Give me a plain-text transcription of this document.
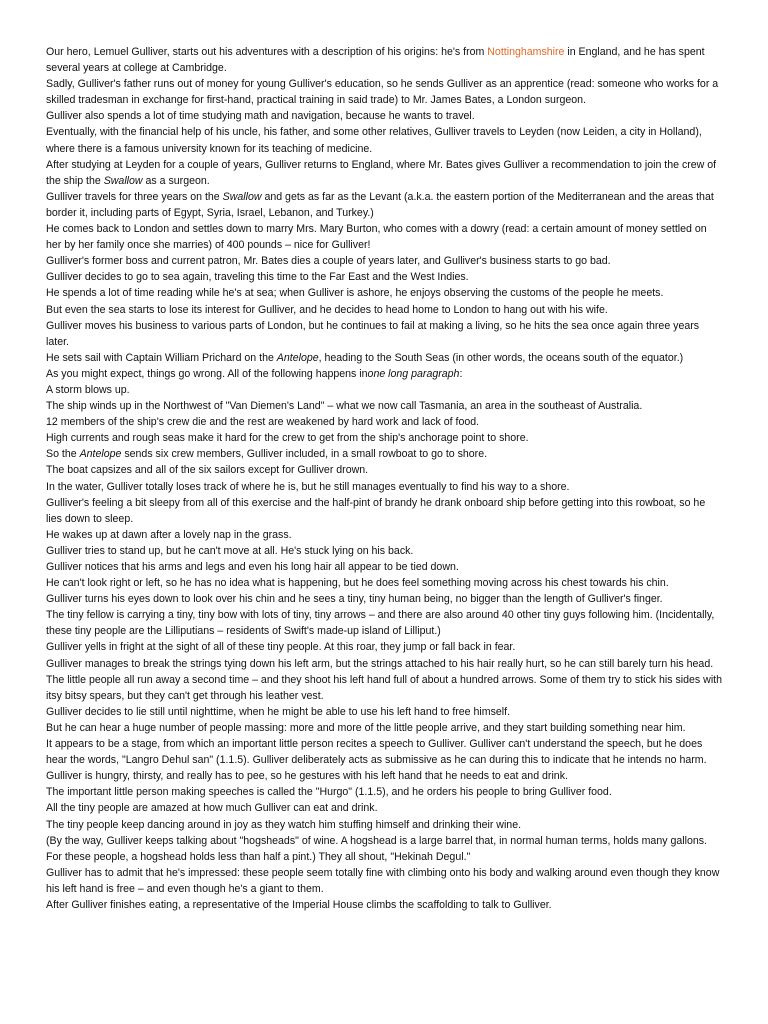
Our hero, Lemuel Gulliver, starts out his adventures with a description of his origins: he's from Nottinghamshire in England, and he has spent several years at college at Cambridge.

Sadly, Gulliver's father runs out of money for young Gulliver's education, so he sends Gulliver as an apprentice (read: someone who works for a skilled tradesman in exchange for first-hand, practical training in said trade) to Mr. James Bates, a London surgeon.

Gulliver also spends a lot of time studying math and navigation, because he wants to travel.

Eventually, with the financial help of his uncle, his father, and some other relatives, Gulliver travels to Leyden (now Leiden, a city in Holland), where there is a famous university known for its teaching of medicine.

After studying at Leyden for a couple of years, Gulliver returns to England, where Mr. Bates gives Gulliver a recommendation to join the crew of the ship the Swallow as a surgeon.

Gulliver travels for three years on the Swallow and gets as far as the Levant (a.k.a. the eastern portion of the Mediterranean and the areas that border it, including parts of Egypt, Syria, Israel, Lebanon, and Turkey.)

He comes back to London and settles down to marry Mrs. Mary Burton, who comes with a dowry (read: a certain amount of money settled on her by her family once she marries) of 400 pounds – nice for Gulliver!

Gulliver's former boss and current patron, Mr. Bates dies a couple of years later, and Gulliver's business starts to go bad.

Gulliver decides to go to sea again, traveling this time to the Far East and the West Indies.

He spends a lot of time reading while he's at sea; when Gulliver is ashore, he enjoys observing the customs of the people he meets.

But even the sea starts to lose its interest for Gulliver, and he decides to head home to London to hang out with his wife.

Gulliver moves his business to various parts of London, but he continues to fail at making a living, so he hits the sea once again three years later.

He sets sail with Captain William Prichard on the Antelope, heading to the South Seas (in other words, the oceans south of the equator.)

As you might expect, things go wrong. All of the following happens inone long paragraph:

A storm blows up.

The ship winds up in the Northwest of "Van Diemen's Land" – what we now call Tasmania, an area in the southeast of Australia.

12 members of the ship's crew die and the rest are weakened by hard work and lack of food.

High currents and rough seas make it hard for the crew to get from the ship's anchorage point to shore.

So the Antelope sends six crew members, Gulliver included, in a small rowboat to go to shore.

The boat capsizes and all of the six sailors except for Gulliver drown.

In the water, Gulliver totally loses track of where he is, but he still manages eventually to find his way to a shore.

Gulliver's feeling a bit sleepy from all of this exercise and the half-pint of brandy he drank onboard ship before getting into this rowboat, so he lies down to sleep.

He wakes up at dawn after a lovely nap in the grass.

Gulliver tries to stand up, but he can't move at all. He's stuck lying on his back.

Gulliver notices that his arms and legs and even his long hair all appear to be tied down.

He can't look right or left, so he has no idea what is happening, but he does feel something moving across his chest towards his chin.

Gulliver turns his eyes down to look over his chin and he sees a tiny, tiny human being, no bigger than the length of Gulliver's finger.

The tiny fellow is carrying a tiny, tiny bow with lots of tiny, tiny arrows – and there are also around 40 other tiny guys following him. (Incidentally, these tiny people are the Lilliputians – residents of Swift's made-up island of Lilliput.)

Gulliver yells in fright at the sight of all of these tiny people. At this roar, they jump or fall back in fear.

Gulliver manages to break the strings tying down his left arm, but the strings attached to his hair really hurt, so he can still barely turn his head.

The little people all run away a second time – and they shoot his left hand full of about a hundred arrows. Some of them try to stick his sides with itsy bitsy spears, but they can't get through his leather vest.

Gulliver decides to lie still until nighttime, when he might be able to use his left hand to free himself.

But he can hear a huge number of people massing: more and more of the little people arrive, and they start building something near him.

It appears to be a stage, from which an important little person recites a speech to Gulliver. Gulliver can't understand the speech, but he does hear the words, "Langro Dehul san" (1.1.5). Gulliver deliberately acts as submissive as he can during this to indicate that he intends no harm.

Gulliver is hungry, thirsty, and really has to pee, so he gestures with his left hand that he needs to eat and drink.

The important little person making speeches is called the "Hurgo" (1.1.5), and he orders his people to bring Gulliver food.

All the tiny people are amazed at how much Gulliver can eat and drink.

The tiny people keep dancing around in joy as they watch him stuffing himself and drinking their wine.

(By the way, Gulliver keeps talking about "hogsheads" of wine. A hogshead is a large barrel that, in normal human terms, holds many gallons. For these people, a hogshead holds less than half a pint.) They all shout, "Hekinah Degul."

Gulliver has to admit that he's impressed: these people seem totally fine with climbing onto his body and walking around even though they know his left hand is free – and even though he's a giant to them.

After Gulliver finishes eating, a representative of the Imperial House climbs the scaffolding to talk to Gulliver.
